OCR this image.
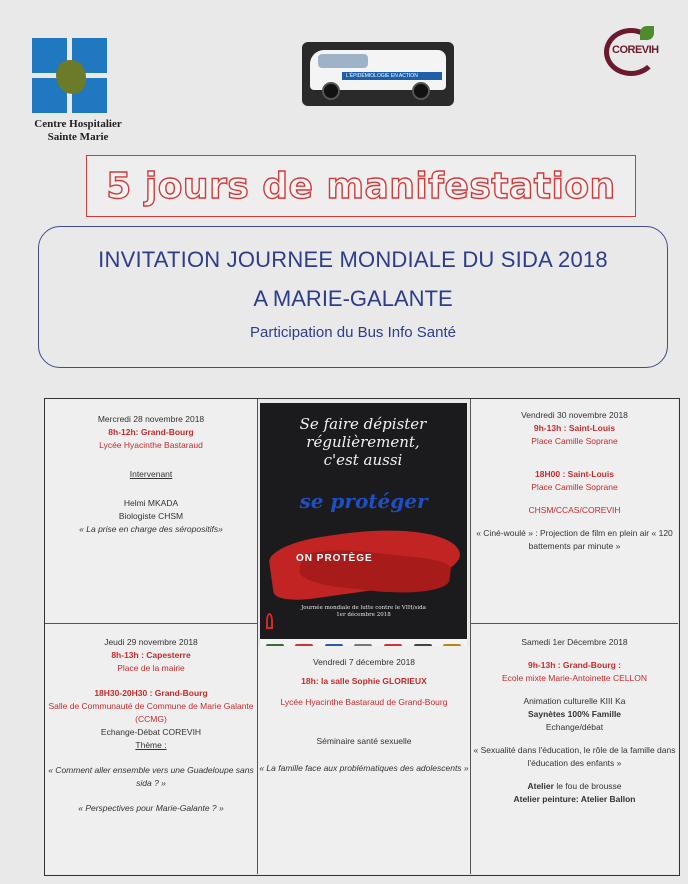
Centre Hospitalier
Sainte Marie
L'ÉPIDÉMIOLOGIE EN ACTION
COREVIH
5 jours de manifestation
INVITATION JOURNEE MONDIALE DU SIDA 2018
A MARIE-GALANTE
Participation du Bus Info Santé

Mercredi 28 novembre 2018

8h-12h: Grand-Bourg

Lycée Hyacinthe Bastaraud

Intervenant

Helmi MKADA

Biologiste CHSM

« La prise en charge des séropositifs»

Se faire dépister
régulièrement,
c'est aussi
se protéger
ON PROTÈGE
Journée mondiale de lutte contre le VIH/sida
1er décembre 2018

Vendredi 30 novembre 2018

9h-13h : Saint-Louis

Place Camille Soprane

18H00 : Saint-Louis

Place Camille Soprane

CHSM/CCAS/COREVIH

« Ciné-woulé » : Projection de film en plein air « 120 battements par minute »

Jeudi 29 novembre 2018

8h-13h : Capesterre

Place de la mairie

18H30-20H30 : Grand-Bourg

Salle de Communauté de Commune de Marie Galante (CCMG)

Echange-Débat COREVIH

Thème :

« Comment aller ensemble vers une Guadeloupe sans sida ? »

« Perspectives pour Marie-Galante ? »

Vendredi 7 décembre 2018

18h: la salle Sophie GLORIEUX

Lycée Hyacinthe Bastaraud de Grand-Bourg

Séminaire santé sexuelle

« La famille face aux problématiques des adolescents »

Samedi 1er Décembre 2018

9h-13h : Grand-Bourg :

Ecole mixte Marie-Antoinette CELLON

Animation culturelle KIII Ka

Saynètes 100% Famille

Echange/débat

« Sexualité dans l'éducation, le rôle de la famille dans l'éducation des enfants »

Atelier le fou de brousse

Atelier peinture: Atelier Ballon
